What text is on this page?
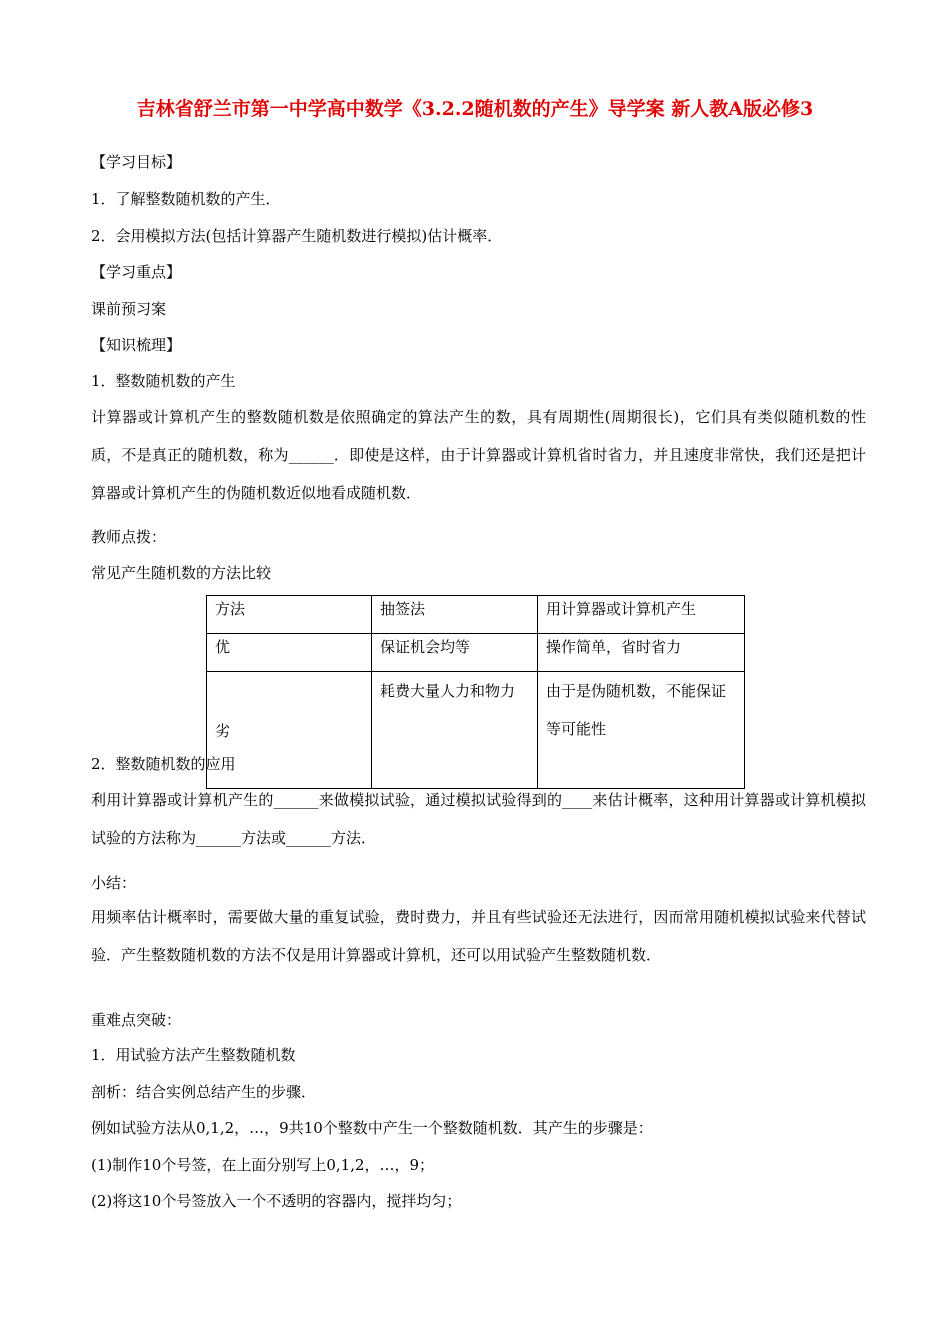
吉林省舒兰市第一中学高中数学《3.2.2随机数的产生》导学案 新人教A版必修3
【学习目标】
1．了解整数随机数的产生．
2．会用模拟方法(包括计算器产生随机数进行模拟)估计概率．
【学习重点】
课前预习案
【知识梳理】
1．整数随机数的产生
计算器或计算机产生的整数随机数是依照确定的算法产生的数，具有周期性(周期很长)，它们具有类似随机数的性质，不是真正的随机数，称为______．即使是这样，由于计算器或计算机省时省力，并且速度非常快，我们还是把计算器或计算机产生的伪随机数近似地看成随机数．
教师点拨：
常见产生随机数的方法比较
方法	抽签法	用计算器或计算机产生
优	保证机会均等	操作简单，省时省力
劣	耗费大量人力和物力	由于是伪随机数，不能保证等可能性
2．整数随机数的应用
利用计算器或计算机产生的______来做模拟试验，通过模拟试验得到的____来估计概率，这种用计算器或计算机模拟试验的方法称为______方法或______方法．
小结：
用频率估计概率时，需要做大量的重复试验，费时费力，并且有些试验还无法进行，因而常用随机模拟试验来代替试验．产生整数随机数的方法不仅是用计算器或计算机，还可以用试验产生整数随机数．
重难点突破：
1．用试验方法产生整数随机数
剖析：结合实例总结产生的步骤．
例如试验方法从0,1,2，…，9共10个整数中产生一个整数随机数．其产生的步骤是：
(1)制作10个号签，在上面分别写上0,1,2，…，9；
(2)将这10个号签放入一个不透明的容器内，搅拌均匀；
